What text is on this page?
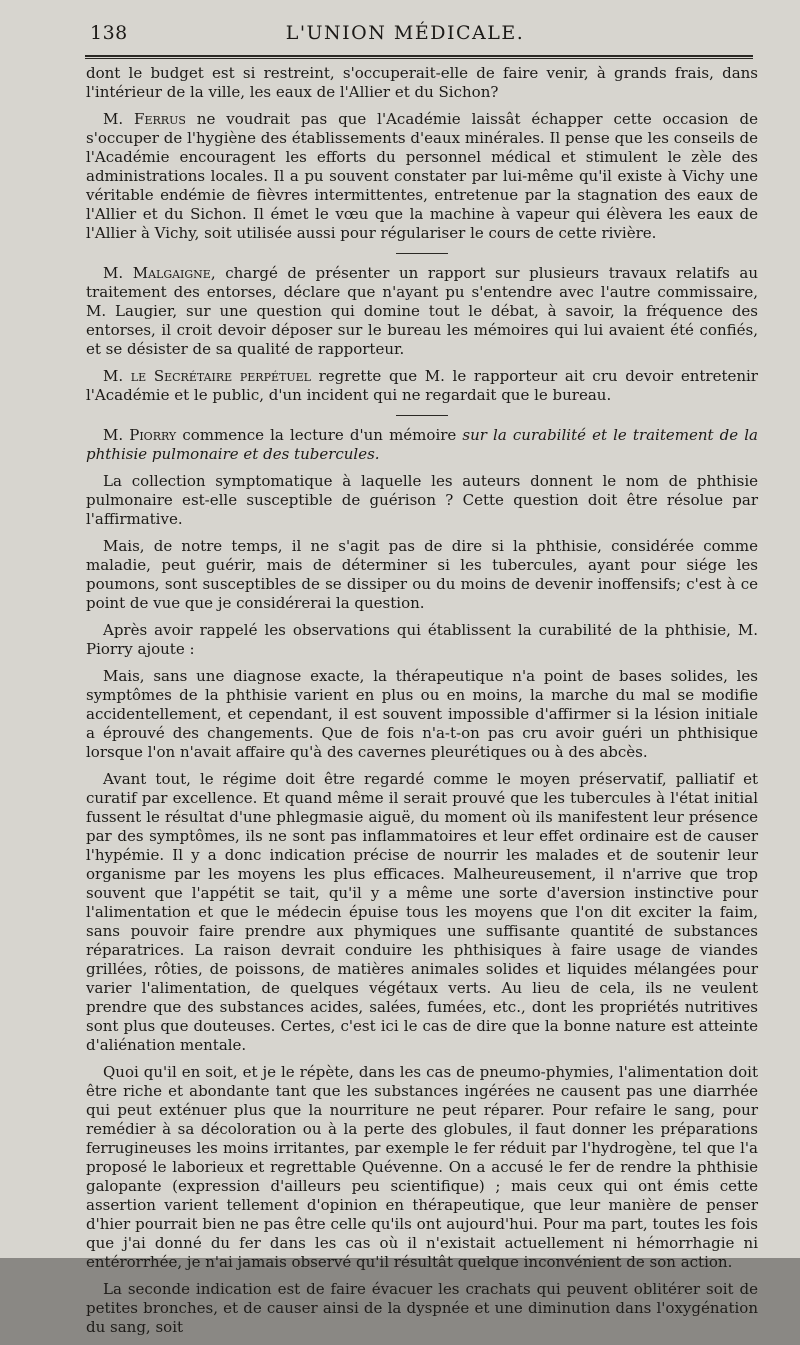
138	L'UNION MÉDICALE.

dont le budget est si restreint, s'occuperait-elle de faire venir, à grands frais, dans l'intérieur de la ville, les eaux de l'Allier et du Sichon?

M. Ferrus ne voudrait pas que l'Académie laissât échapper cette occasion de s'occuper de l'hygiène des établissements d'eaux minérales. Il pense que les conseils de l'Académie encouragent les efforts du personnel médical et stimulent le zèle des administrations locales. Il a pu souvent constater par lui-même qu'il existe à Vichy une véritable endémie de fièvres intermittentes, entretenue par la stagnation des eaux de l'Allier et du Sichon. Il émet le vœu que la machine à vapeur qui élèvera les eaux de l'Allier à Vichy, soit utilisée aussi pour régulariser le cours de cette rivière.

M. Malgaigne, chargé de présenter un rapport sur plusieurs travaux relatifs au traitement des entorses, déclare que n'ayant pu s'entendre avec l'autre commissaire, M. Laugier, sur une question qui domine tout le débat, à savoir, la fréquence des entorses, il croit devoir déposer sur le bureau les mémoires qui lui avaient été confiés, et se désister de sa qualité de rapporteur.

M. le Secrétaire perpétuel regrette que M. le rapporteur ait cru devoir entretenir l'Académie et le public, d'un incident qui ne regardait que le bureau.

M. Piorry commence la lecture d'un mémoire sur la curabilité et le traitement de la phthisie pulmonaire et des tubercules.

La collection symptomatique à laquelle les auteurs donnent le nom de phthisie pulmonaire est-elle susceptible de guérison ? Cette question doit être résolue par l'affirmative.

Mais, de notre temps, il ne s'agit pas de dire si la phthisie, considérée comme maladie, peut guérir, mais de déterminer si les tubercules, ayant pour siége les poumons, sont susceptibles de se dissiper ou du moins de devenir inoffensifs; c'est à ce point de vue que je considérerai la question.

Après avoir rappelé les observations qui établissent la curabilité de la phthisie, M. Piorry ajoute :

Mais, sans une diagnose exacte, la thérapeutique n'a point de bases solides, les symptômes de la phthisie varient en plus ou en moins, la marche du mal se modifie accidentellement, et cependant, il est souvent impossible d'affirmer si la lésion initiale a éprouvé des changements. Que de fois n'a-t-on pas cru avoir guéri un phthisique lorsque l'on n'avait affaire qu'à des cavernes pleurétiques ou à des abcès.

Avant tout, le régime doit être regardé comme le moyen préservatif, palliatif et curatif par excellence. Et quand même il serait prouvé que les tubercules à l'état initial fussent le résultat d'une phlegmasie aiguë, du moment où ils manifestent leur présence par des symptômes, ils ne sont pas inflammatoires et leur effet ordinaire est de causer l'hypémie. Il y a donc indication précise de nourrir les malades et de soutenir leur organisme par les moyens les plus efficaces. Malheureusement, il n'arrive que trop souvent que l'appétit se tait, qu'il y a même une sorte d'aversion instinctive pour l'alimentation et que le médecin épuise tous les moyens que l'on dit exciter la faim, sans pouvoir faire prendre aux phymiques une suffisante quantité de substances réparatrices. La raison devrait conduire les phthisiques à faire usage de viandes grillées, rôties, de poissons, de matières animales solides et liquides mélangées pour varier l'alimentation, de quelques végétaux verts. Au lieu de cela, ils ne veulent prendre que des substances acides, salées, fumées, etc., dont les propriétés nutritives sont plus que douteuses. Certes, c'est ici le cas de dire que la bonne nature est atteinte d'aliénation mentale.

Quoi qu'il en soit, et je le répète, dans les cas de pneumo-phymies, l'alimentation doit être riche et abondante tant que les substances ingérées ne causent pas une diarrhée qui peut exténuer plus que la nourriture ne peut réparer. Pour refaire le sang, pour remédier à sa décoloration ou à la perte des globules, il faut donner les préparations ferrugineuses les moins irritantes, par exemple le fer réduit par l'hydrogène, tel que l'a proposé le laborieux et regrettable Quévenne. On a accusé le fer de rendre la phthisie galopante (expression d'ailleurs peu scientifique) ; mais ceux qui ont émis cette assertion varient tellement d'opinion en thérapeutique, que leur manière de penser d'hier pourrait bien ne pas être celle qu'ils ont aujourd'hui. Pour ma part, toutes les fois que j'ai donné du fer dans les cas où il n'existait actuellement ni hémorrhagie ni entérorrhée, je n'ai jamais observé qu'il résultât quelque inconvénient de son action.

La seconde indication est de faire évacuer les crachats qui peuvent oblitérer soit de petites bronches, et de causer ainsi de la dyspnée et une diminution dans l'oxygénation du sang, soit
